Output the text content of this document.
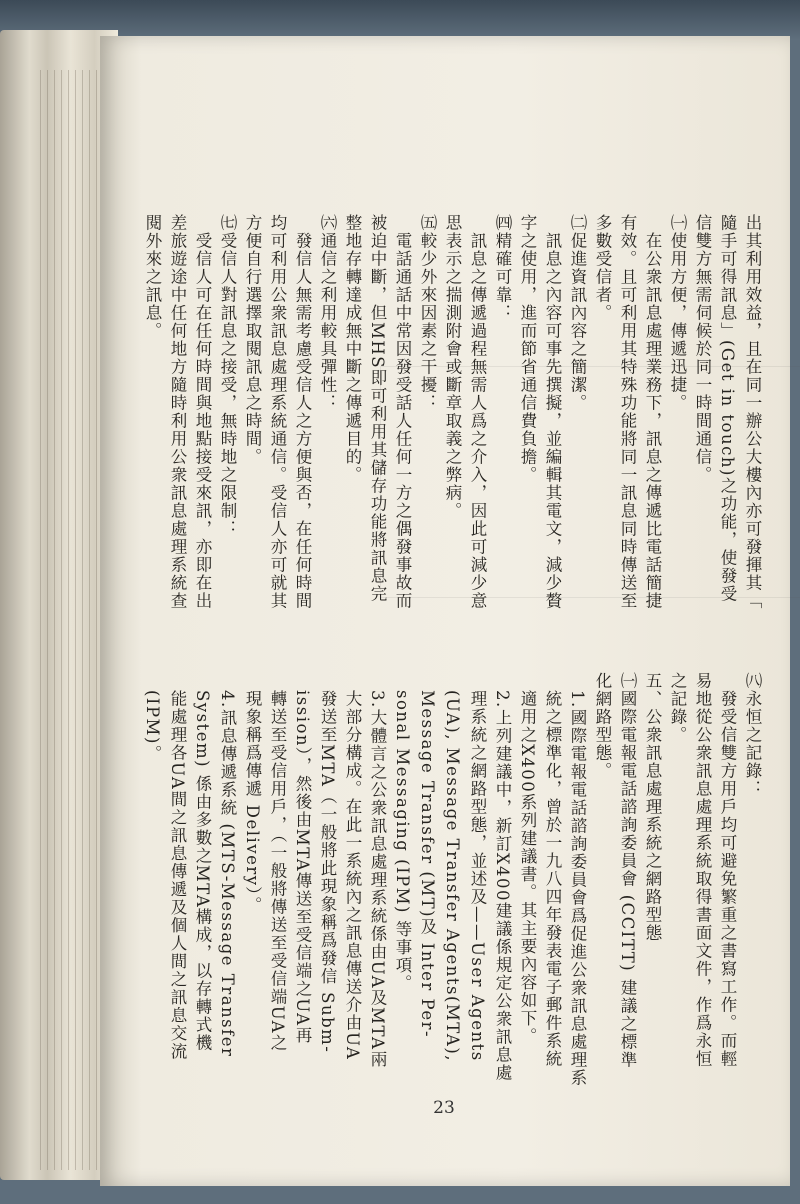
出其利用效益，且在同一辦公大樓內亦可發揮其「
隨手可得訊息」(Get in touch)之功能，使發受
信雙方無需伺候於同一時間通信。
㈠使用方便，傳遞迅捷。
　在公衆訊息處理業務下，訊息之傳遞比電話簡捷
有效。且可利用其特殊功能將同一訊息同時傳送至
多數受信者。
㈡促進資訊內容之簡潔。
　訊息之內容可事先撰擬，並編輯其電文，減少贅
字之使用，進而節省通信費負擔。
㈣精確可靠：
　訊息之傳遞過程無需人爲之介入，因此可減少意
思表示之揣測附會或斷章取義之弊病。
㈤較少外來因素之干擾：
　電話通話中常因發受話人任何一方之偶發事故而
被迫中斷，但MHS即可利用其儲存功能將訊息完
整地存轉達成無中斷之傳遞目的。
㈥通信之利用較具彈性：
　發信人無需考慮受信人之方便與否，在任何時間
均可利用公衆訊息處理系統通信。受信人亦可就其
方便自行選擇取閱訊息之時間。
㈦受信人對訊息之接受，無時地之限制：
　受信人可在任何時間與地點接受來訊，亦即在出
差旅遊途中任何地方隨時利用公衆訊息處理系統查
閱外來之訊息。
㈧永恒之記錄：
　發受信雙方用戶均可避免繁重之書寫工作。而輕
易地從公衆訊息處理系統取得書面文件，作爲永恒
之記錄。
五、公衆訊息處理系統之網路型態
㈠國際電報電話諮詢委員會 (CCITT) 建議之標準
化網路型態。
　1.國際電報電話諮詢委員會爲促進公衆訊息處理系
　統之標準化，曾於一九八四年發表電子郵件系統
　適用之X400系列建議書。其主要內容如下。
　2.上列建議中，新訂X400建議係規定公衆訊息處
　理系統之網路型態，並述及——User Agents
　(UA), Message Transfer Agents(MTA),
　Message Transfer (MT)及 Inter Per-
　sonal Messaging (IPM) 等事項。
　3.大體言之公衆訊息處理系統係由UA及MTA兩
　大部分構成。在此一系統內之訊息傳送介由UA
　發送至MTA（一般將此現象稱爲發信 Subm-
　ission），然後由MTA傳送至受信端之UA再
　轉送至受信用戶，（一般將傳送至受信端UA之
　現象稱爲傳遞 Delivery）。
　4.訊息傳遞系統 (MTS-Message Transfer
　System) 係由多數之MTA構成，以存轉式機
　能處理各UA間之訊息傳遞及個人間之訊息交流
　(IPM)。
23
